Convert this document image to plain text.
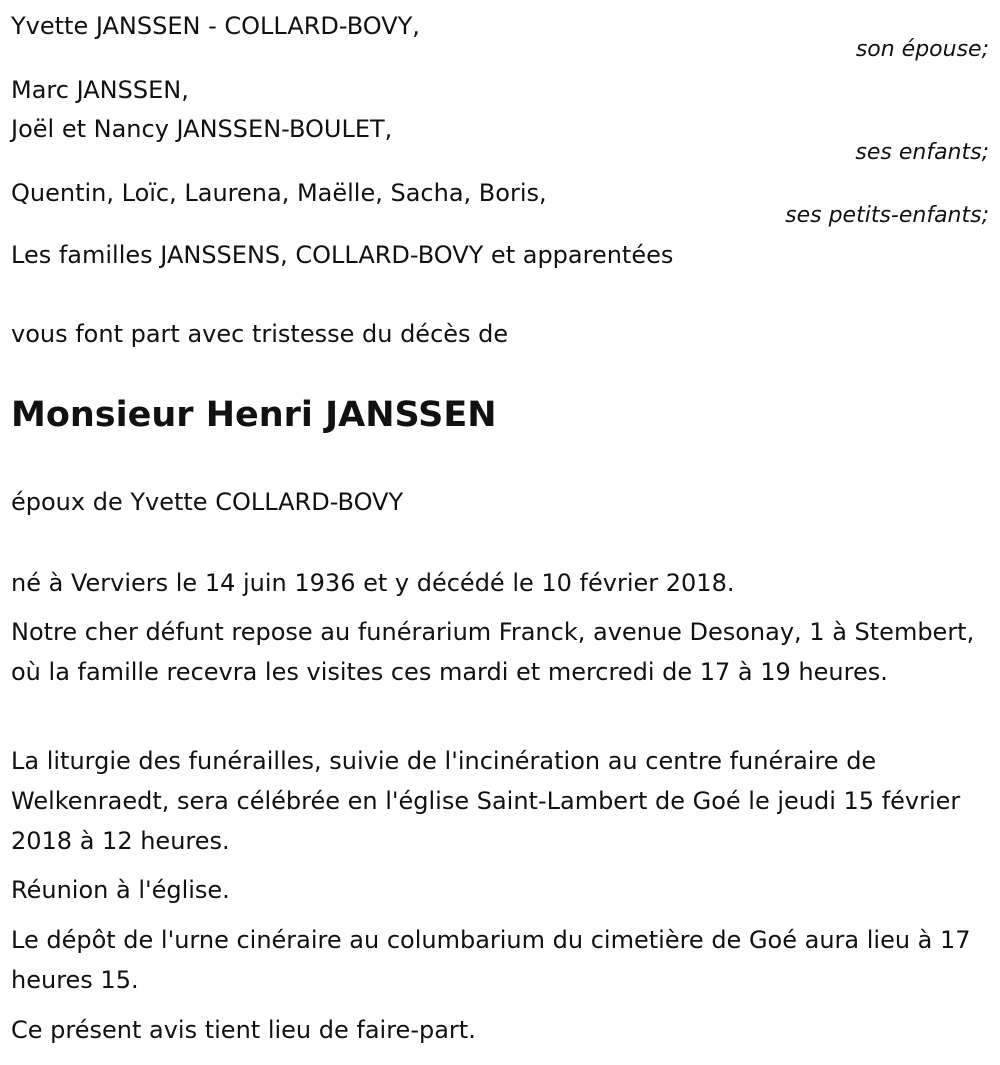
Yvette JANSSEN - COLLARD-BOVY,
son épouse;
Marc JANSSEN,
Joël et Nancy JANSSEN-BOULET,
ses enfants;
Quentin, Loïc, Laurena, Maëlle, Sacha, Boris,
ses petits-enfants;
Les familles JANSSENS, COLLARD-BOVY et apparentées
vous font part avec tristesse du décès de
Monsieur Henri JANSSEN
époux de Yvette COLLARD-BOVY
né à Verviers le 14 juin 1936 et y décédé le 10 février 2018.
Notre cher défunt repose au funérarium Franck, avenue Desonay, 1 à Stembert, où la famille recevra les visites ces mardi et mercredi de 17 à 19 heures.
La liturgie des funérailles, suivie de l'incinération au centre funéraire de Welkenraedt, sera célébrée en l'église Saint-Lambert de Goé le jeudi 15 février 2018 à 12 heures.
Réunion à l'église.
Le dépôt de l'urne cinéraire au columbarium du cimetière de Goé aura lieu à 17 heures 15.
Ce présent avis tient lieu de faire-part.
